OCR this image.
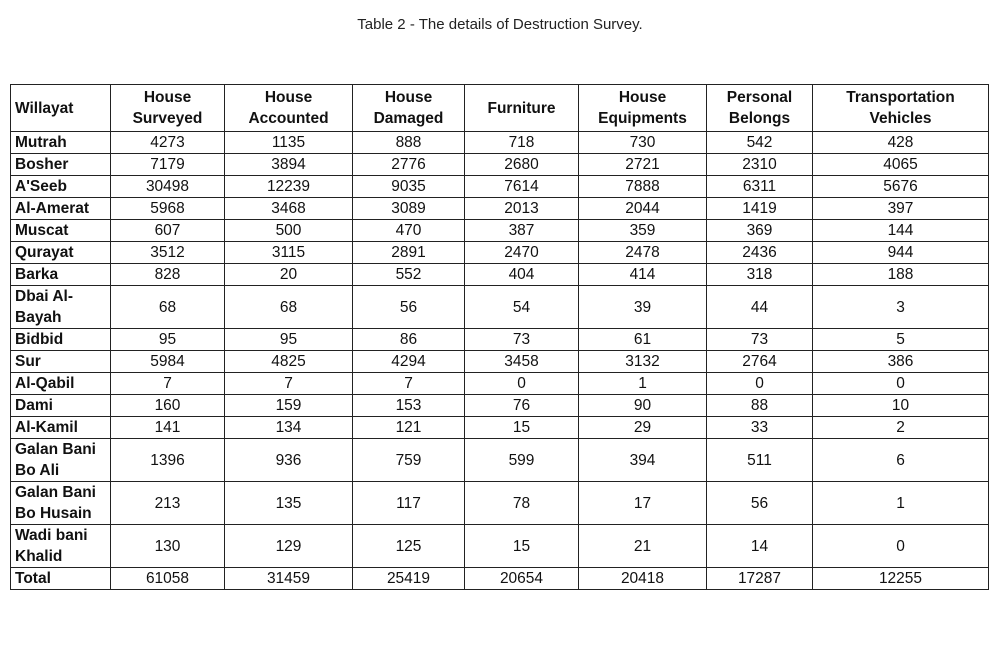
Table 2 - The details of Destruction Survey.
Willayat	House Surveyed	House Accounted	House Damaged	Furniture	House Equipments	Personal Belongs	Transportation Vehicles
Mutrah	4273	1135	888	718	730	542	428
Bosher	7179	3894	2776	2680	2721	2310	4065
A'Seeb	30498	12239	9035	7614	7888	6311	5676
Al-Amerat	5968	3468	3089	2013	2044	1419	397
Muscat	607	500	470	387	359	369	144
Qurayat	3512	3115	2891	2470	2478	2436	944
Barka	828	20	552	404	414	318	188
Dbai Al-Bayah	68	68	56	54	39	44	3
Bidbid	95	95	86	73	61	73	5
Sur	5984	4825	4294	3458	3132	2764	386
Al-Qabil	7	7	7	0	1	0	0
Dami	160	159	153	76	90	88	10
Al-Kamil	141	134	121	15	29	33	2
Galan Bani Bo Ali	1396	936	759	599	394	511	6
Galan Bani Bo Husain	213	135	117	78	17	56	1
Wadi bani Khalid	130	129	125	15	21	14	0
Total	61058	31459	25419	20654	20418	17287	12255
